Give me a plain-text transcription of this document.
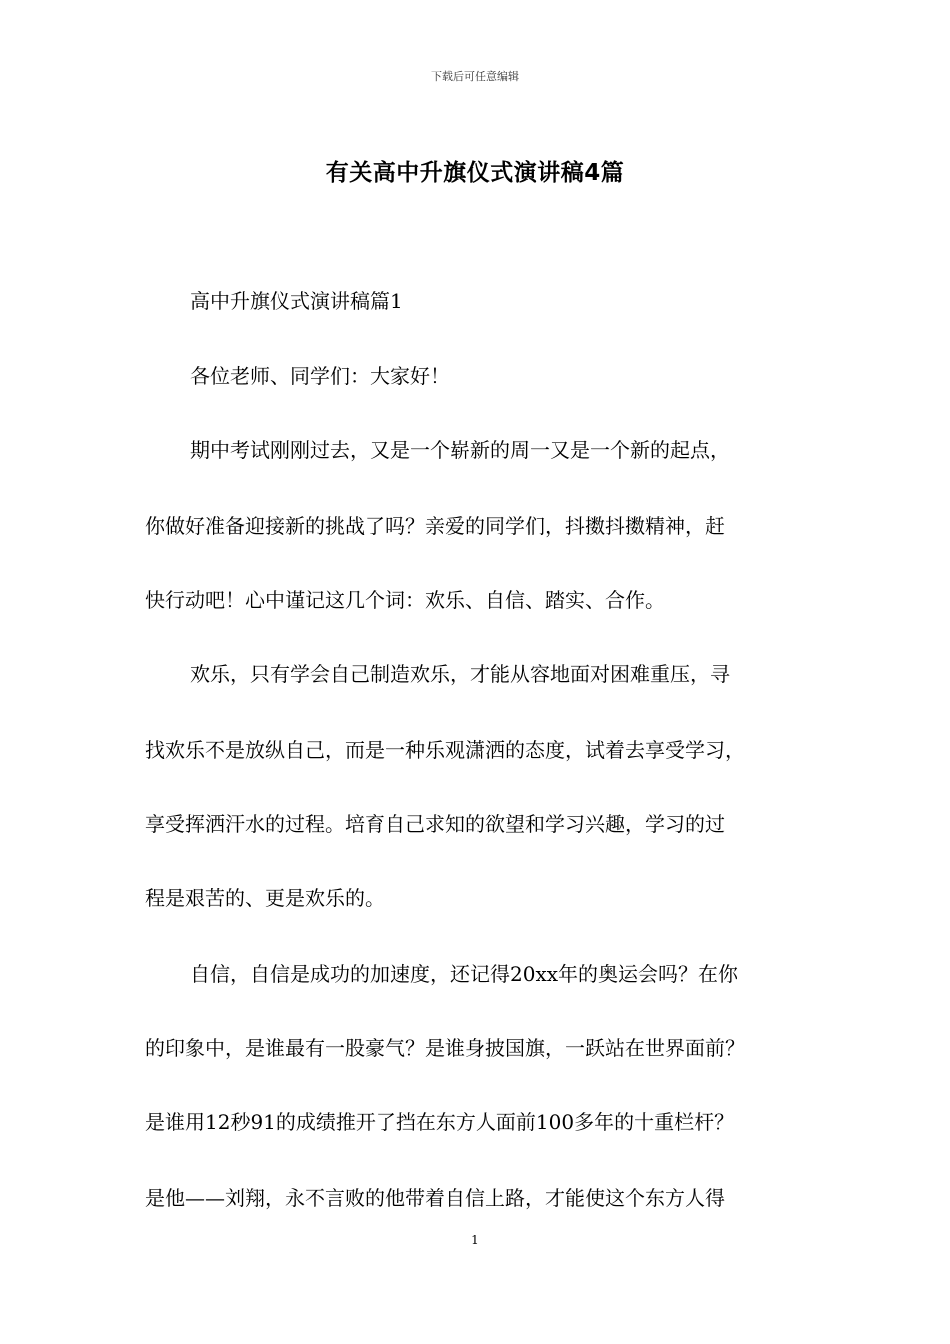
下载后可任意编辑
有关高中升旗仪式演讲稿4篇
高中升旗仪式演讲稿篇1
各位老师、同学们：大家好！
期中考试刚刚过去，又是一个崭新的周一又是一个新的起点，
你做好准备迎接新的挑战了吗？亲爱的同学们，抖擞抖擞精神，赶
快行动吧！心中谨记这几个词：欢乐、自信、踏实、合作。
欢乐，只有学会自己制造欢乐，才能从容地面对困难重压，寻
找欢乐不是放纵自己，而是一种乐观潇洒的态度，试着去享受学习，
享受挥洒汗水的过程。培育自己求知的欲望和学习兴趣，学习的过
程是艰苦的、更是欢乐的。
自信，自信是成功的加速度，还记得20xx年的奥运会吗？在你
的印象中，是谁最有一股豪气？是谁身披国旗，一跃站在世界面前？
是谁用12秒91的成绩推开了挡在东方人面前100多年的十重栏杆？
是他——刘翔，永不言败的他带着自信上路，才能使这个东方人得
1
